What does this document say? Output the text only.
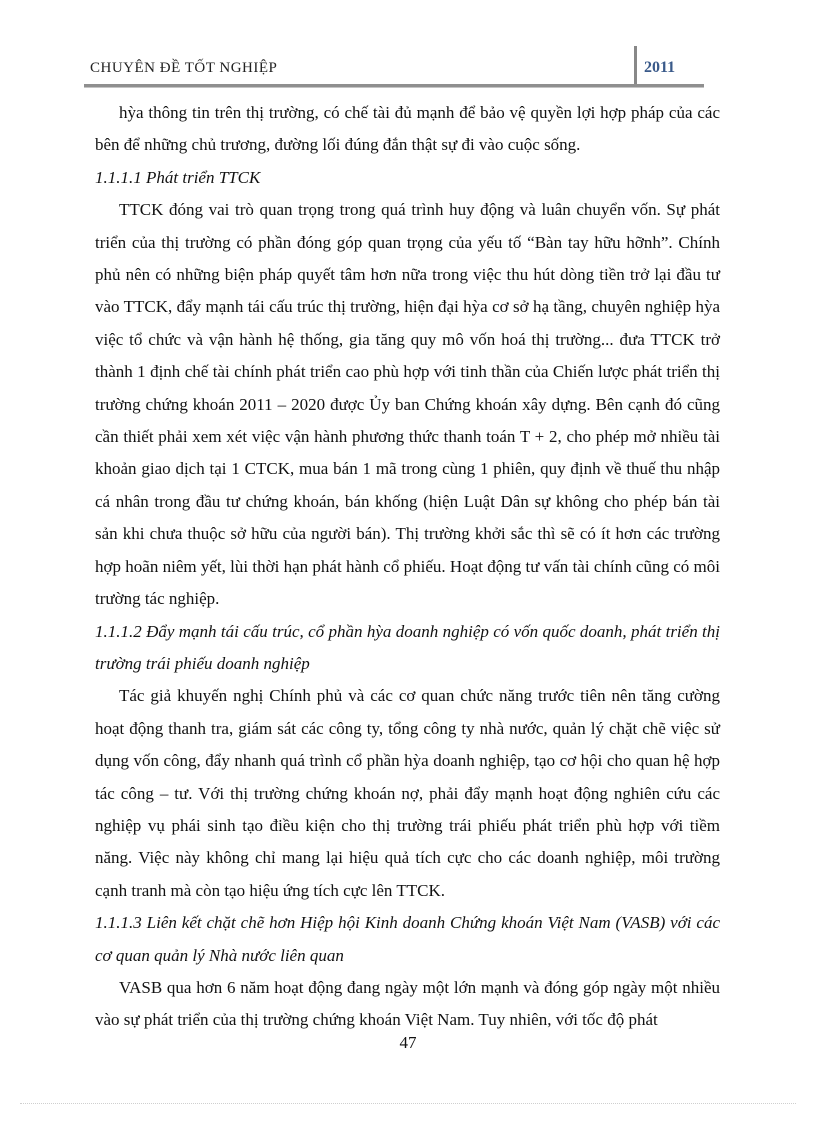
CHUYÊN ĐỀ TỐT NGHIỆP	2011

hỳa thông tin trên thị trường, có chế tài đủ mạnh để bảo vệ quyền lợi hợp pháp của các bên để những chủ trương, đường lối đúng đắn thật sự đi vào cuộc sống.

1.1.1.1 Phát triển TTCK

TTCK đóng vai trò quan trọng trong quá trình huy động và luân chuyển vốn. Sự phát triển của thị trường có phần đóng góp quan trọng của yếu tố “Bàn tay hữu hỡnh”. Chính phủ nên có những biện pháp quyết tâm hơn nữa trong việc thu hút dòng tiền trở lại đầu tư vào TTCK, đẩy mạnh tái cấu trúc thị trường, hiện đại hỳa cơ sở hạ tầng, chuyên nghiệp hỳa việc tổ chức và vận hành hệ thống, gia tăng quy mô vốn hoá thị trường... đưa TTCK trở thành 1 định chế tài chính phát triển cao phù hợp với tinh thần của Chiến lược phát triển thị trường chứng khoán 2011 – 2020 được Ủy ban Chứng khoán xây dựng. Bên cạnh đó cũng cần thiết phải xem xét việc vận hành phương thức thanh toán T + 2, cho phép mở nhiều tài khoản giao dịch tại 1 CTCK, mua bán 1 mã trong cùng 1 phiên, quy định về thuế thu nhập cá nhân trong đầu tư chứng khoán, bán khống (hiện Luật Dân sự không cho phép bán tài sản khi chưa thuộc sở hữu của người bán). Thị trường khởi sắc thì sẽ có ít hơn các trường hợp hoãn niêm yết, lùi thời hạn phát hành cổ phiếu. Hoạt động tư vấn tài chính cũng có môi trường tác nghiệp.

1.1.1.2 Đẩy mạnh tái cấu trúc, cổ phần hỳa doanh nghiệp có vốn quốc doanh, phát triển thị trường trái phiếu doanh nghiệp

Tác giả khuyến nghị Chính phủ và các cơ quan chức năng trước tiên nên tăng cường hoạt động thanh tra, giám sát các công ty, tổng công ty nhà nước, quản lý chặt chẽ việc sử dụng vốn công, đẩy nhanh quá trình cổ phần hỳa doanh nghiệp, tạo cơ hội cho quan hệ hợp tác công – tư. Với thị trường chứng khoán nợ, phải đẩy mạnh hoạt động nghiên cứu các nghiệp vụ phái sinh tạo điều kiện cho thị trường trái phiếu phát triển phù hợp với tiềm năng. Việc này không chỉ mang lại hiệu quả tích cực cho các doanh nghiệp, môi trường cạnh tranh mà còn tạo hiệu ứng tích cực lên TTCK.

1.1.1.3 Liên kết chặt chẽ hơn Hiệp hội Kinh doanh Chứng khoán Việt Nam (VASB) với các cơ quan quản lý Nhà nước liên quan

VASB qua hơn 6 năm hoạt động đang ngày một lớn mạnh và đóng góp ngày một nhiều vào sự phát triển của thị trường chứng khoán Việt Nam. Tuy nhiên, với tốc độ phát

47
